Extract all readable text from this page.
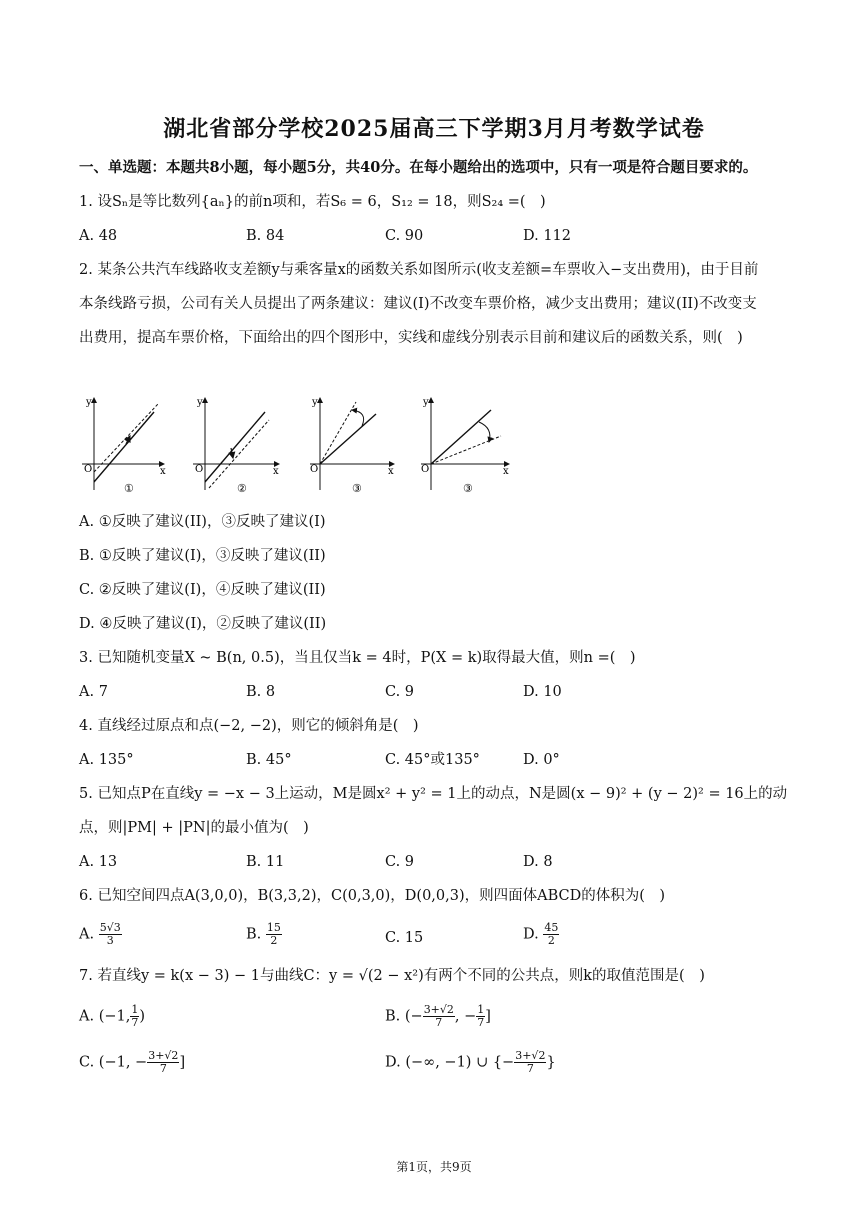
湖北省部分学校2025届高三下学期3月月考数学试卷
一、单选题：本题共8小题，每小题5分，共40分。在每小题给出的选项中，只有一项是符合题目要求的。
1. 设Sₙ是等比数列{aₙ}的前n项和，若S₆ = 6，S₁₂ = 18，则S₂₄ =(　)
A. 48	B. 84	C. 90	D. 112
2. 某条公共汽车线路收支差额y与乘客量x的函数关系如图所示(收支差额=车票收入−支出费用)，由于目前
本条线路亏损，公司有关人员提出了两条建议：建议(I)不改变车票价格，减少支出费用；建议(II)不改变支
出费用，提高车票价格，下面给出的四个图形中，实线和虚线分别表示目前和建议后的函数关系，则(　)
y
x
O
①
y
x
O
②
y
x
O
③
y
x
O
③
A. ①反映了建议(II)，③反映了建议(I)
B. ①反映了建议(I)，③反映了建议(II)
C. ②反映了建议(I)，④反映了建议(II)
D. ④反映了建议(I)，②反映了建议(II)
3. 已知随机变量X ~ B(n, 0.5)，当且仅当k = 4时，P(X = k)取得最大值，则n =(　)
A. 7	B. 8	C. 9	D. 10
4. 直线经过原点和点(−2, −2)，则它的倾斜角是(　)
A. 135°	B. 45°	C. 45°或135°	D. 0°
5. 已知点P在直线y = −x − 3上运动，M是圆x² + y² = 1上的动点，N是圆(x − 9)² + (y − 2)² = 16上的动
点，则|PM| + |PN|的最小值为(　)
A. 13	B. 11	C. 9	D. 8
6. 已知空间四点A(3,0,0)，B(3,3,2)，C(0,3,0)，D(0,0,3)，则四面体ABCD的体积为(　)
A. $\frac{5√3}{3}$	B. $\frac{15}{2}$	C. 15	D. $\frac{45}{2}$
7. 若直线y = k(x − 3) − 1与曲线C：y = √(2 − x²)有两个不同的公共点，则k的取值范围是(　)
A. (−1, $\frac{1}{7}$ )	B. (− $\frac{3+√2}{7}$ , − $\frac{1}{7}$ ]
C. (−1, − $\frac{3+√2}{7}$ ]	D. (−∞, −1) ∪ {− $\frac{3+√2}{7}$ }
第1页，共9页
